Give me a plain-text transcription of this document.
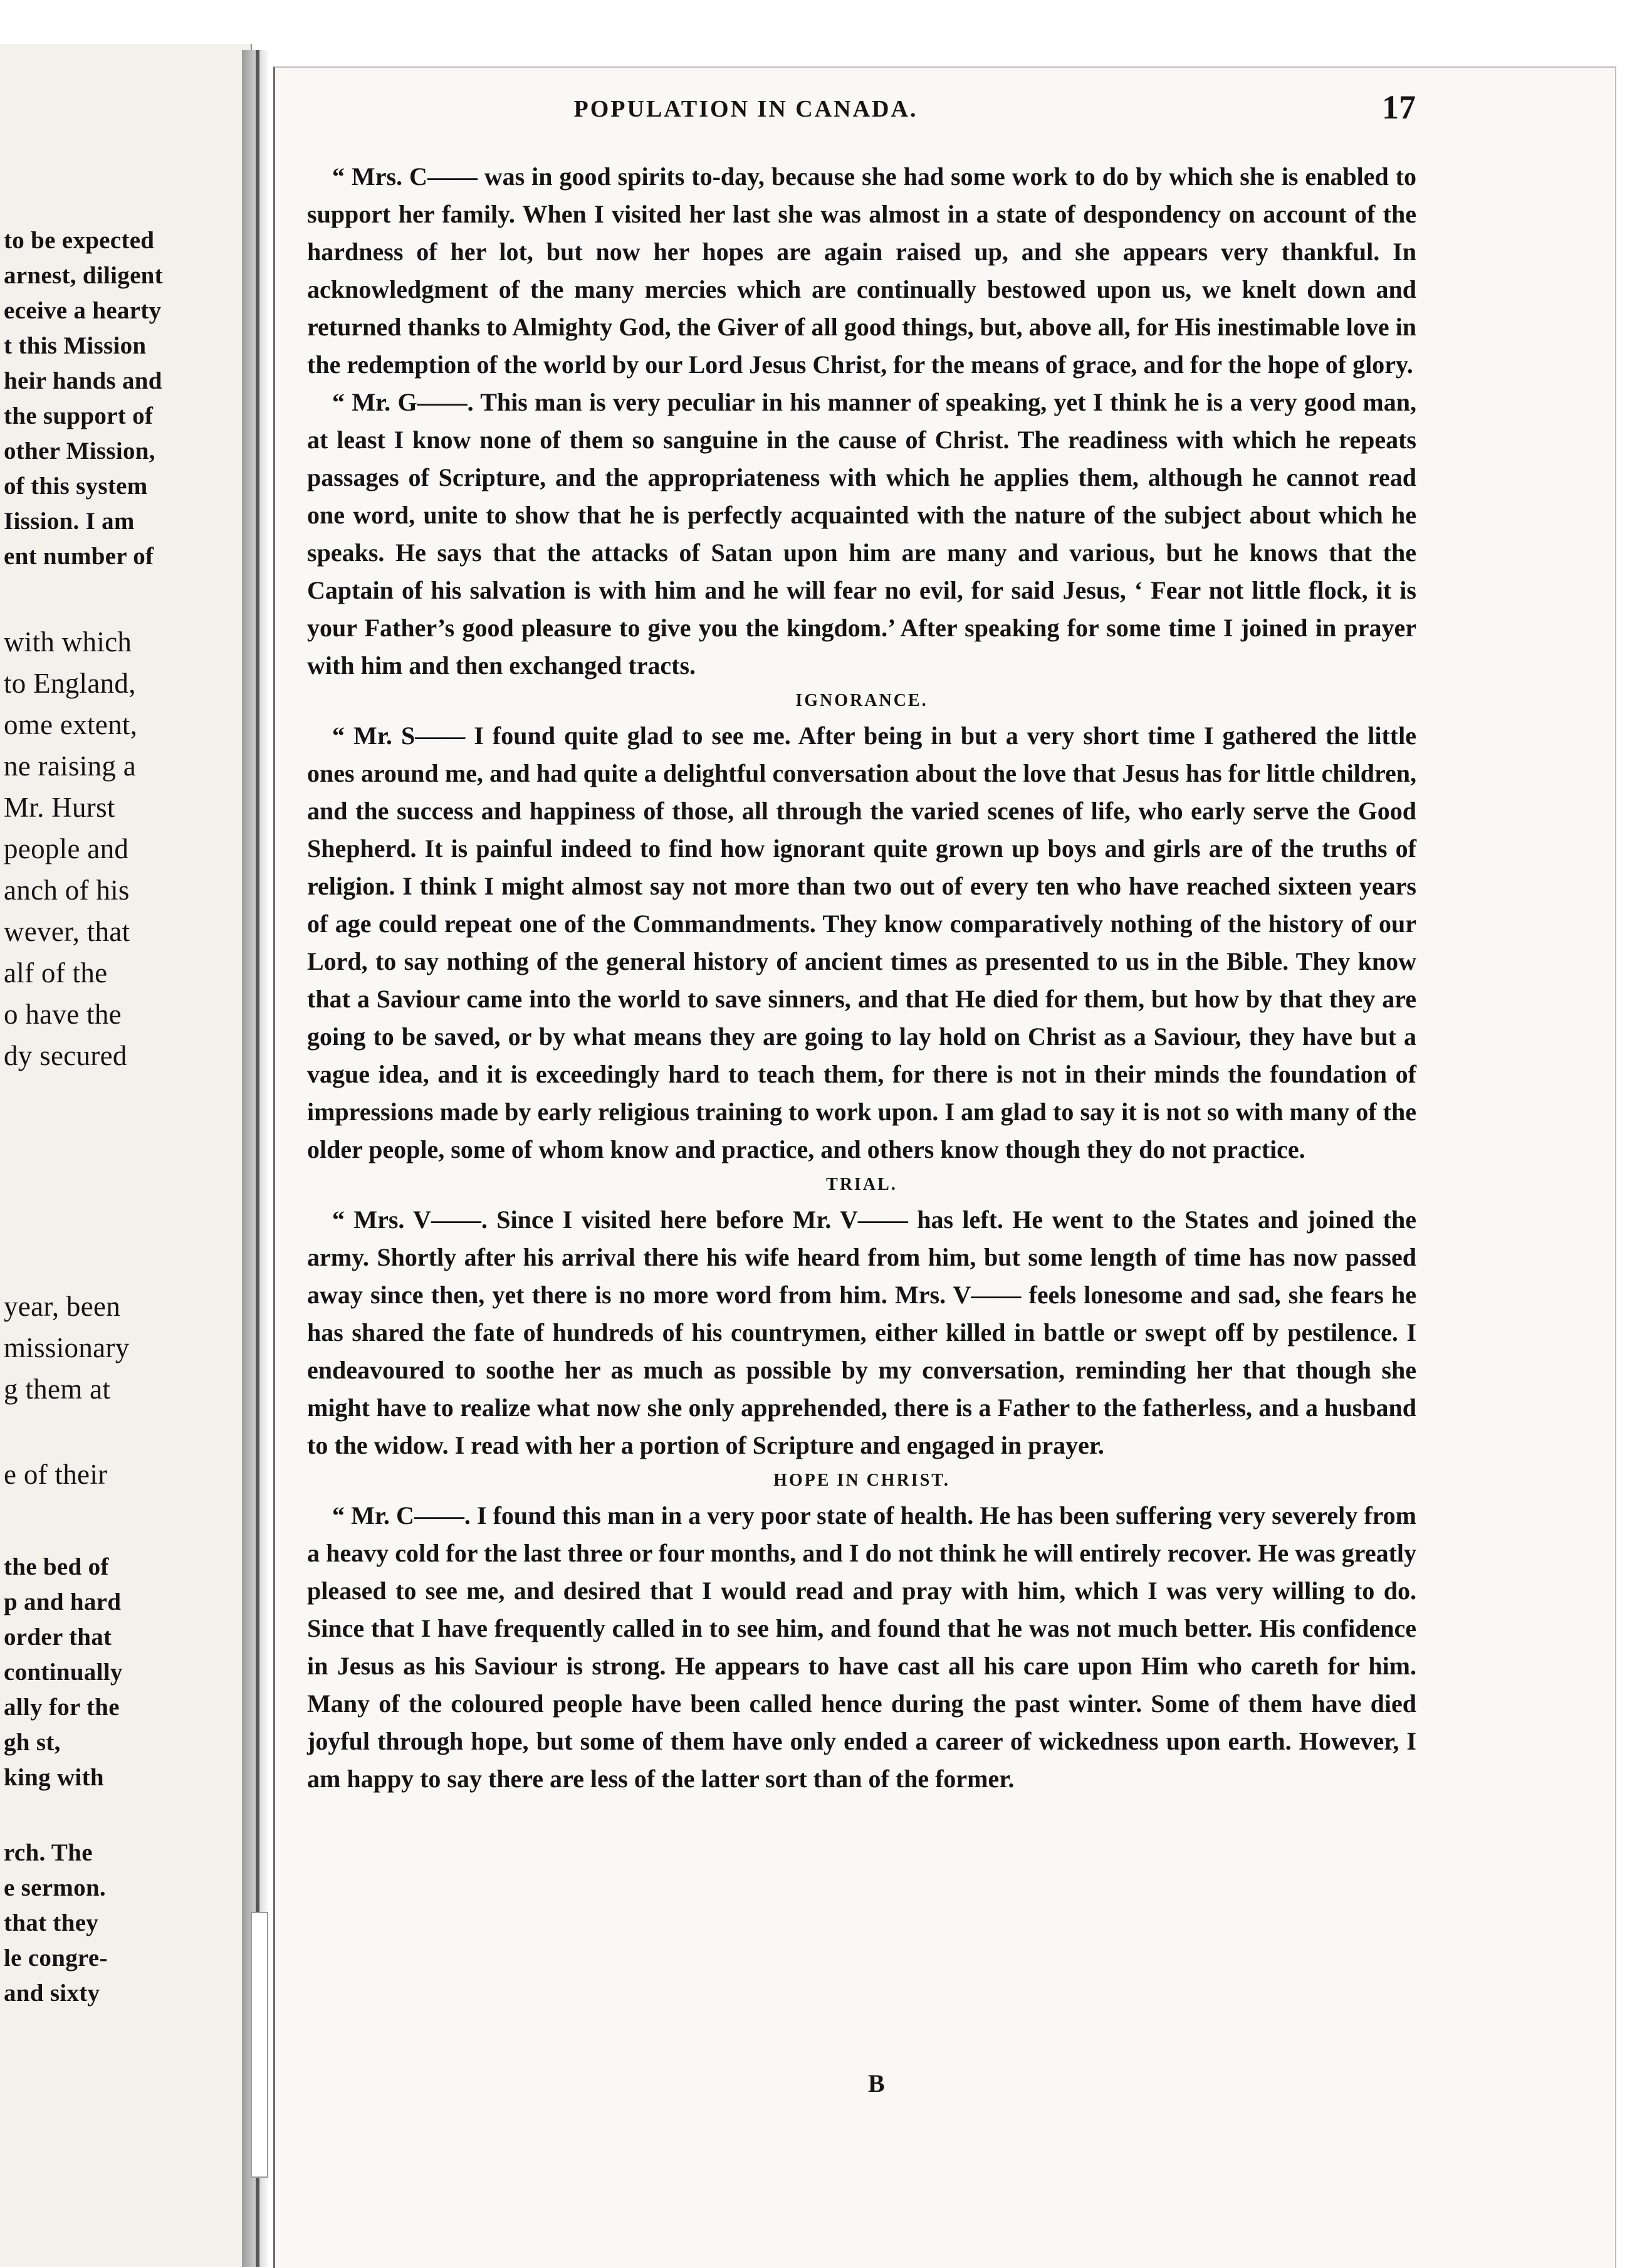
to be expected
arnest, diligent
eceive a hearty
t this Mission
heir hands and
the support of
other Mission,
of this system
Iission. I am
ent number of
with which
to England,
ome extent,
ne raising a
Mr. Hurst
people and
anch of his
wever, that
alf of the
o have the
dy secured
year, been
missionary
g them at
e of their
the bed of
p and hard
order that
continually
ally for the
gh st,
king with
rch. The
e sermon.
that they
le congre-
and sixty
POPULATION IN CANADA.	17

“ Mrs. C—— was in good spirits to-day, because she had some work to do by which she is enabled to support her family. When I visited her last she was almost in a state of despondency on account of the hardness of her lot, but now her hopes are again raised up, and she appears very thankful. In acknowledgment of the many mercies which are continually bestowed upon us, we knelt down and returned thanks to Almighty God, the Giver of all good things, but, above all, for His inestimable love in the redemption of the world by our Lord Jesus Christ, for the means of grace, and for the hope of glory.

“ Mr. G——. This man is very peculiar in his manner of speaking, yet I think he is a very good man, at least I know none of them so sanguine in the cause of Christ. The readiness with which he repeats passages of Scripture, and the appropriateness with which he applies them, although he cannot read one word, unite to show that he is perfectly acquainted with the nature of the subject about which he speaks. He says that the attacks of Satan upon him are many and various, but he knows that the Captain of his salvation is with him and he will fear no evil, for said Jesus, ‘ Fear not little flock, it is your Father’s good pleasure to give you the kingdom.’ After speaking for some time I joined in prayer with him and then exchanged tracts.

IGNORANCE.

“ Mr. S—— I found quite glad to see me. After being in but a very short time I gathered the little ones around me, and had quite a delightful conversation about the love that Jesus has for little children, and the success and happiness of those, all through the varied scenes of life, who early serve the Good Shepherd. It is painful indeed to find how ignorant quite grown up boys and girls are of the truths of religion. I think I might almost say not more than two out of every ten who have reached sixteen years of age could repeat one of the Commandments. They know comparatively nothing of the history of our Lord, to say nothing of the general history of ancient times as presented to us in the Bible. They know that a Saviour came into the world to save sinners, and that He died for them, but how by that they are going to be saved, or by what means they are going to lay hold on Christ as a Saviour, they have but a vague idea, and it is exceedingly hard to teach them, for there is not in their minds the foundation of impressions made by early religious training to work upon. I am glad to say it is not so with many of the older people, some of whom know and practice, and others know though they do not practice.

TRIAL.

“ Mrs. V——. Since I visited here before Mr. V—— has left. He went to the States and joined the army. Shortly after his arrival there his wife heard from him, but some length of time has now passed away since then, yet there is no more word from him. Mrs. V—— feels lonesome and sad, she fears he has shared the fate of hundreds of his countrymen, either killed in battle or swept off by pestilence. I endeavoured to soothe her as much as possible by my conversation, reminding her that though she might have to realize what now she only apprehended, there is a Father to the fatherless, and a husband to the widow. I read with her a portion of Scripture and engaged in prayer.

HOPE IN CHRIST.

“ Mr. C——. I found this man in a very poor state of health. He has been suffering very severely from a heavy cold for the last three or four months, and I do not think he will entirely recover. He was greatly pleased to see me, and desired that I would read and pray with him, which I was very willing to do. Since that I have frequently called in to see him, and found that he was not much better. His confidence in Jesus as his Saviour is strong. He appears to have cast all his care upon Him who careth for him. Many of the coloured people have been called hence during the past winter. Some of them have died joyful through hope, but some of them have only ended a career of wickedness upon earth. However, I am happy to say there are less of the latter sort than of the former.

B
